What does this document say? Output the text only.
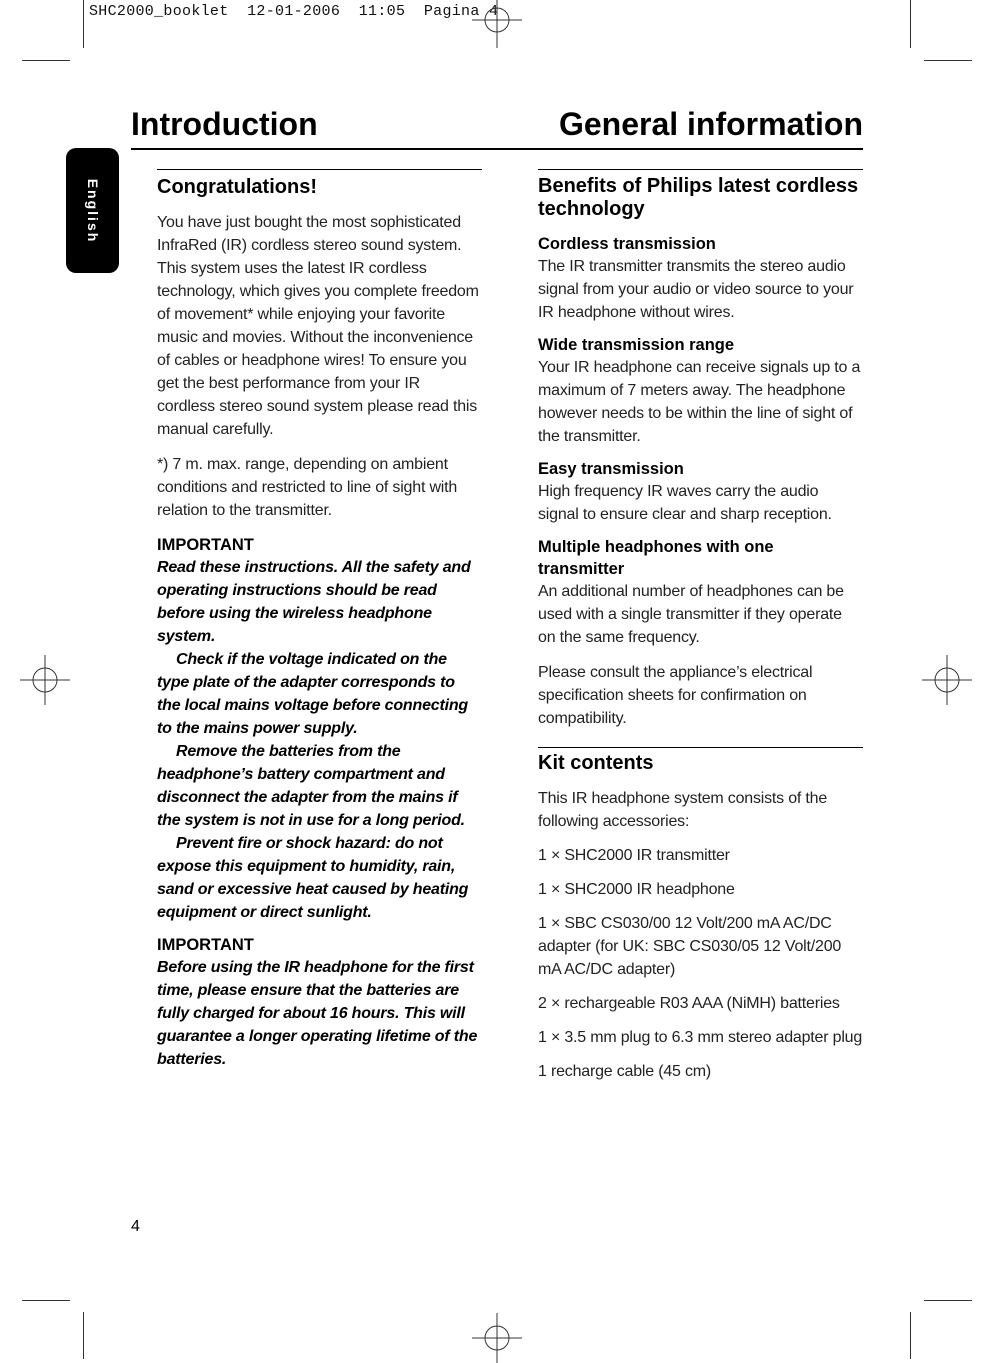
SHC2000_booklet  12-01-2006  11:05  Pagina 4
Introduction	General information
English	Congratulations!

You have just bought the most sophisticated InfraRed (IR) cordless stereo sound system. This system uses the latest IR cordless technology, which gives you complete freedom of movement* while enjoying your favorite music and movies. Without the inconvenience of cables or headphone wires! To ensure you get the best performance from your IR cordless stereo sound system please read this manual carefully.

*) 7 m. max. range, depending on ambient conditions and restricted to line of sight with relation to the transmitter.

IMPORTANT
Read these instructions. All the safety and operating instructions should be read before using the wireless headphone system.
Check if the voltage indicated on the type plate of the adapter corresponds to the local mains voltage before connecting to the mains power supply.
Remove the batteries from the headphone’s battery compartment and disconnect the adapter from the mains if the system is not in use for a long period.
Prevent fire or shock hazard: do not expose this equipment to humidity, rain, sand or excessive heat caused by heating equipment or direct sunlight.
IMPORTANT
Before using the IR headphone for the first time, please ensure that the batteries are fully charged for about 16 hours. This will guarantee a longer operating lifetime of the batteries.
Benefits of Philips latest cordless technology
Cordless transmission

The IR transmitter transmits the stereo audio signal from your audio or video source to your IR headphone without wires.

Wide transmission range

Your IR headphone can receive signals up to a maximum of 7 meters away. The headphone however needs to be within the line of sight of the transmitter.

Easy transmission

High frequency IR waves carry the audio signal to ensure clear and sharp reception.

Multiple headphones with one transmitter

An additional number of headphones can be used with a single transmitter if they operate on the same frequency.

Please consult the appliance’s electrical specification sheets for confirmation on compatibility.

Kit contents

This IR headphone system consists of the following accessories:

1 × SHC2000 IR transmitter

1 × SHC2000 IR headphone

1 × SBC CS030/00 12 Volt/200 mA AC/DC adapter (for UK: SBC CS030/05 12 Volt/200 mA AC/DC adapter)

2 × rechargeable R03 AAA (NiMH) batteries

1 × 3.5 mm plug to 6.3 mm stereo adapter plug

1 recharge cable (45 cm)

4
